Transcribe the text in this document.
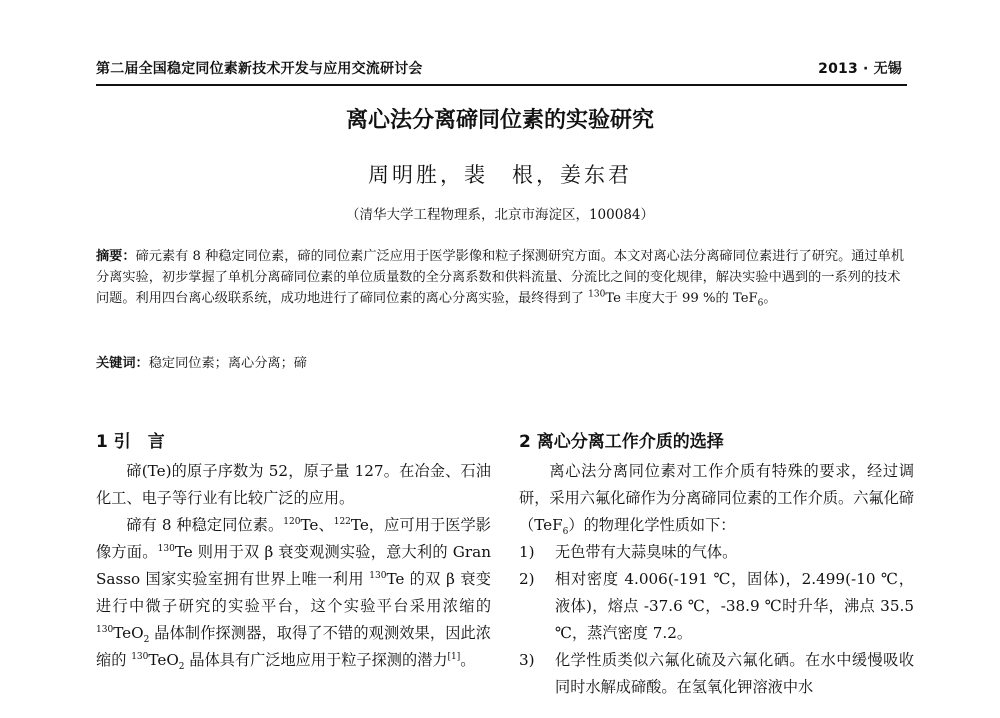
第二届全国稳定同位素新技术开发与应用交流研讨会	2013 · 无锡
离心法分离碲同位素的实验研究
周明胜，裴　根，姜东君
（清华大学工程物理系，北京市海淀区，100084）

摘要：碲元素有 8 种稳定同位素，碲的同位素广泛应用于医学影像和粒子探测研究方面。本文对离心法分离碲同位素进行了研究。通过单机分离实验，初步掌握了单机分离碲同位素的单位质量数的全分离系数和供料流量、分流比之间的变化规律，解决实验中遇到的一系列的技术问题。利用四台离心级联系统，成功地进行了碲同位素的离心分离实验，最终得到了 $^{130}$Te 丰度大于 99 %的 TeF$_6$。

关键词：稳定同位素；离心分离；碲
1 引　言

碲(Te)的原子序数为 52，原子量 127。在冶金、石油化工、电子等行业有比较广泛的应用。

碲有 8 种稳定同位素。$^{120}$Te、$^{122}$Te，应可用于医学影像方面。$^{130}$Te 则用于双 β 衰变观测实验，意大利的 Gran Sasso 国家实验室拥有世界上唯一利用 $^{130}$Te 的双 β 衰变进行中微子研究的实验平台，这个实验平台采用浓缩的 $^{130}$TeO$_2$ 晶体制作探测器，取得了不错的观测效果，因此浓缩的 $^{130}$TeO$_2$ 晶体具有广泛地应用于粒子探测的潜力[1]。

2 离心分离工作介质的选择

离心法分离同位素对工作介质有特殊的要求，经过调研，采用六氟化碲作为分离碲同位素的工作介质。六氟化碲（TeF$_6$）的物理化学性质如下：

1) 无色带有大蒜臭味的气体。
2) 相对密度 4.006(-191 ℃，固体)，2.499(-10 ℃，液体)，熔点 -37.6 ℃，-38.9 ℃时升华，沸点 35.5 ℃，蒸汽密度 7.2。
3) 化学性质类似六氟化硫及六氟化硒。在水中缓慢吸收同时水解成碲酸。在氢氧化钾溶液中水
